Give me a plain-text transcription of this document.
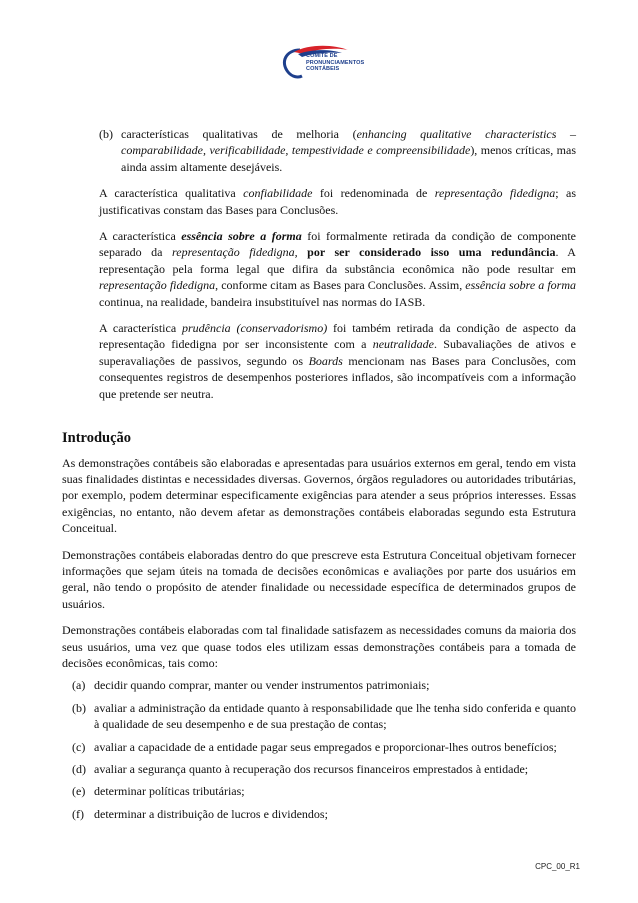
COMITÊ DE
PRONUNCIAMENTOS
CONTÁBEIS
(b) características qualitativas de melhoria (enhancing qualitative characteristics – comparabilidade, verificabilidade, tempestividade e compreensibilidade), menos críticas, mas ainda assim altamente desejáveis.

A característica qualitativa confiabilidade foi redenominada de representação fidedigna; as justificativas constam das Bases para Conclusões.

A característica essência sobre a forma foi formalmente retirada da condição de componente separado da representação fidedigna, por ser considerado isso uma redundância. A representação pela forma legal que difira da substância econômica não pode resultar em representação fidedigna, conforme citam as Bases para Conclusões. Assim, essência sobre a forma continua, na realidade, bandeira insubstituível nas normas do IASB.

A característica prudência (conservadorismo) foi também retirada da condição de aspecto da representação fidedigna por ser inconsistente com a neutralidade. Subavaliações de ativos e superavaliações de passivos, segundo os Boards mencionam nas Bases para Conclusões, com consequentes registros de desempenhos posteriores inflados, são incompatíveis com a informação que pretende ser neutra.

Introdução

As demonstrações contábeis são elaboradas e apresentadas para usuários externos em geral, tendo em vista suas finalidades distintas e necessidades diversas. Governos, órgãos reguladores ou autoridades tributárias, por exemplo, podem determinar especificamente exigências para atender a seus próprios interesses. Essas exigências, no entanto, não devem afetar as demonstrações contábeis elaboradas segundo esta Estrutura Conceitual.

Demonstrações contábeis elaboradas dentro do que prescreve esta Estrutura Conceitual objetivam fornecer informações que sejam úteis na tomada de decisões econômicas e avaliações por parte dos usuários em geral, não tendo o propósito de atender finalidade ou necessidade específica de determinados grupos de usuários.

Demonstrações contábeis elaboradas com tal finalidade satisfazem as necessidades comuns da maioria dos seus usuários, uma vez que quase todos eles utilizam essas demonstrações contábeis para a tomada de decisões econômicas, tais como:

(a) decidir quando comprar, manter ou vender instrumentos patrimoniais;
(b) avaliar a administração da entidade quanto à responsabilidade que lhe tenha sido conferida e quanto à qualidade de seu desempenho e de sua prestação de contas;
(c) avaliar a capacidade de a entidade pagar seus empregados e proporcionar-lhes outros benefícios;
(d) avaliar a segurança quanto à recuperação dos recursos financeiros emprestados à entidade;
(e) determinar políticas tributárias;
(f) determinar a distribuição de lucros e dividendos;
CPC_00_R1
